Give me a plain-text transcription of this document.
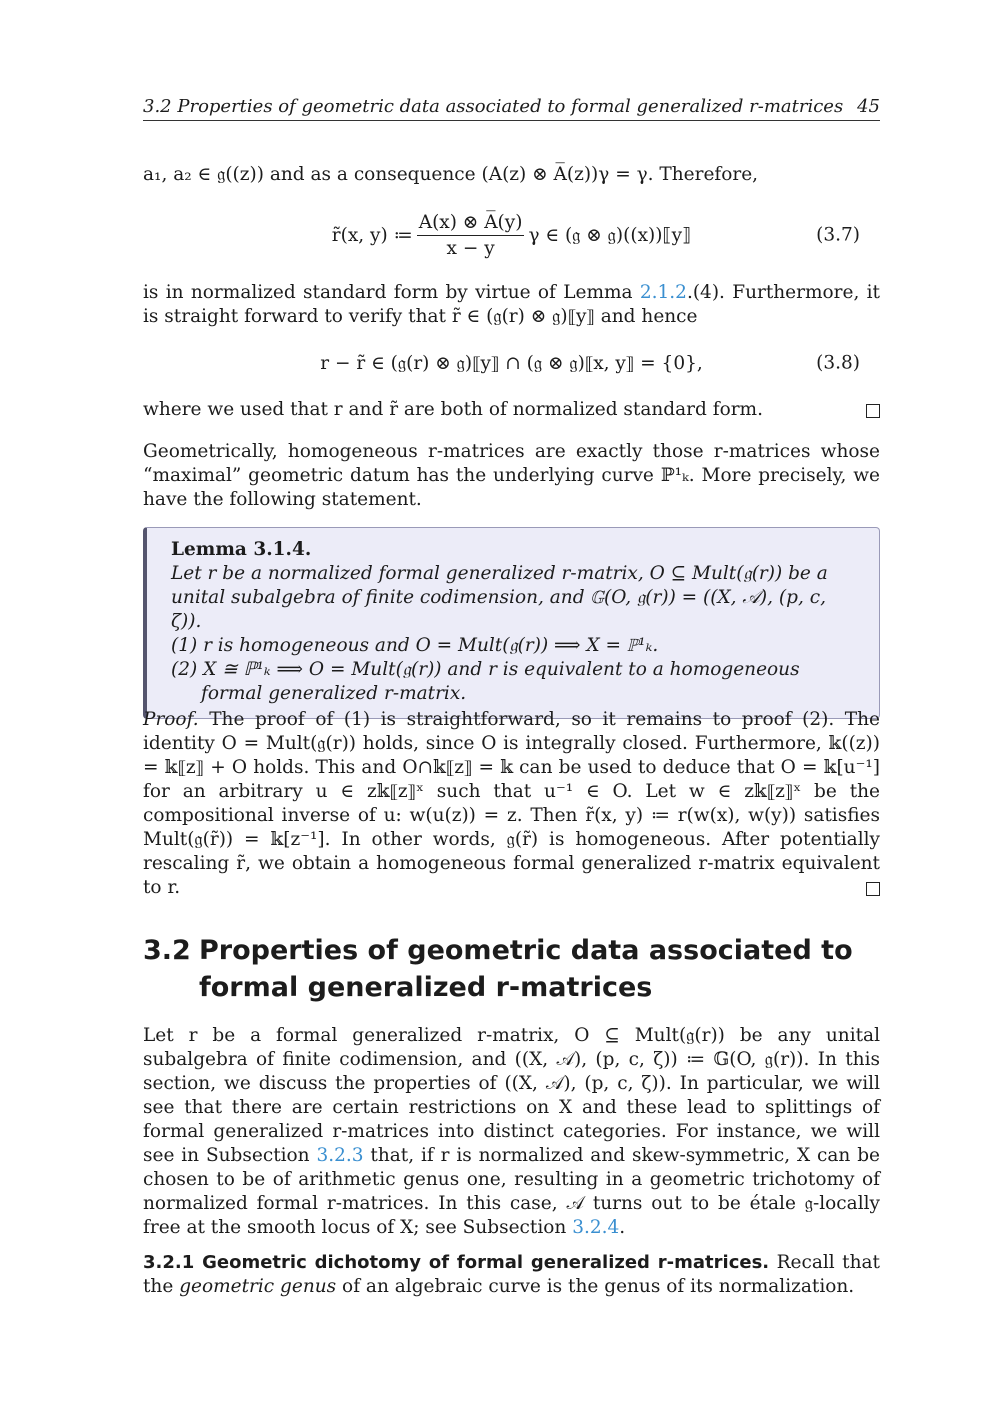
3.2 Properties of geometric data associated to formal generalized r-matrices 45

a₁, a₂ ∈ 𝔤((z)) and as a consequence (A(z) ⊗ A̅(z))γ = γ. Therefore,

r̃(x, y) ≔ $\frac{A(x) \otimes A̅(y)}{x - y}$ γ ∈ (𝔤 ⊗ 𝔤)((x))⟦y⟧	(3.7)

is in normalized standard form by virtue of Lemma 2.1.2.(4). Furthermore, it is straight forward to verify that r̃ ∈ (𝔤(r) ⊗ 𝔤)⟦y⟧ and hence

r − r̃ ∈ (𝔤(r) ⊗ 𝔤)⟦y⟧ ∩ (𝔤 ⊗ 𝔤)⟦x, y⟧ = {0},	(3.8)

where we used that r and r̃ are both of normalized standard form.

Geometrically, homogeneous r-matrices are exactly those r-matrices whose “maximal” geometric datum has the underlying curve ℙ¹ₖ. More precisely, we have the following statement.

Lemma 3.1.4.
Let r be a normalized formal generalized r-matrix, O ⊆ Mult(𝔤(r)) be a unital subalgebra of finite codimension, and 𝔾(O, 𝔤(r)) = ((X, 𝒜), (p, c, ζ)).
(1) r is homogeneous and O = Mult(𝔤(r)) ⟹ X = ℙ¹ₖ.
(2) X ≅ ℙ¹ₖ ⟹ O = Mult(𝔤(r)) and r is equivalent to a homogeneous formal generalized r-matrix.

Proof. The proof of (1) is straightforward, so it remains to proof (2). The identity O = Mult(𝔤(r)) holds, since O is integrally closed. Furthermore, 𝕜((z)) = 𝕜⟦z⟧ + O holds. This and O∩𝕜⟦z⟧ = 𝕜 can be used to deduce that O = 𝕜[u⁻¹] for an arbitrary u ∈ z𝕜⟦z⟧ˣ such that u⁻¹ ∈ O. Let w ∈ z𝕜⟦z⟧ˣ be the compositional inverse of u: w(u(z)) = z. Then r̃(x, y) ≔ r(w(x), w(y)) satisfies Mult(𝔤(r̃)) = 𝕜[z⁻¹]. In other words, 𝔤(r̃) is homogeneous. After potentially rescaling r̃, we obtain a homogeneous formal generalized r-matrix equivalent to r.

3.2 Properties of geometric data associated to formal generalized r-matrices

Let r be a formal generalized r-matrix, O ⊆ Mult(𝔤(r)) be any unital subalgebra of finite codimension, and ((X, 𝒜), (p, c, ζ)) ≔ 𝔾(O, 𝔤(r)). In this section, we discuss the properties of ((X, 𝒜), (p, c, ζ)). In particular, we will see that there are certain restrictions on X and these lead to splittings of formal generalized r-matrices into distinct categories. For instance, we will see in Subsection 3.2.3 that, if r is normalized and skew-symmetric, X can be chosen to be of arithmetic genus one, resulting in a geometric trichotomy of normalized formal r-matrices. In this case, 𝒜 turns out to be étale 𝔤-locally free at the smooth locus of X; see Subsection 3.2.4.

3.2.1 Geometric dichotomy of formal generalized r-matrices. Recall that the geometric genus of an algebraic curve is the genus of its normalization.
